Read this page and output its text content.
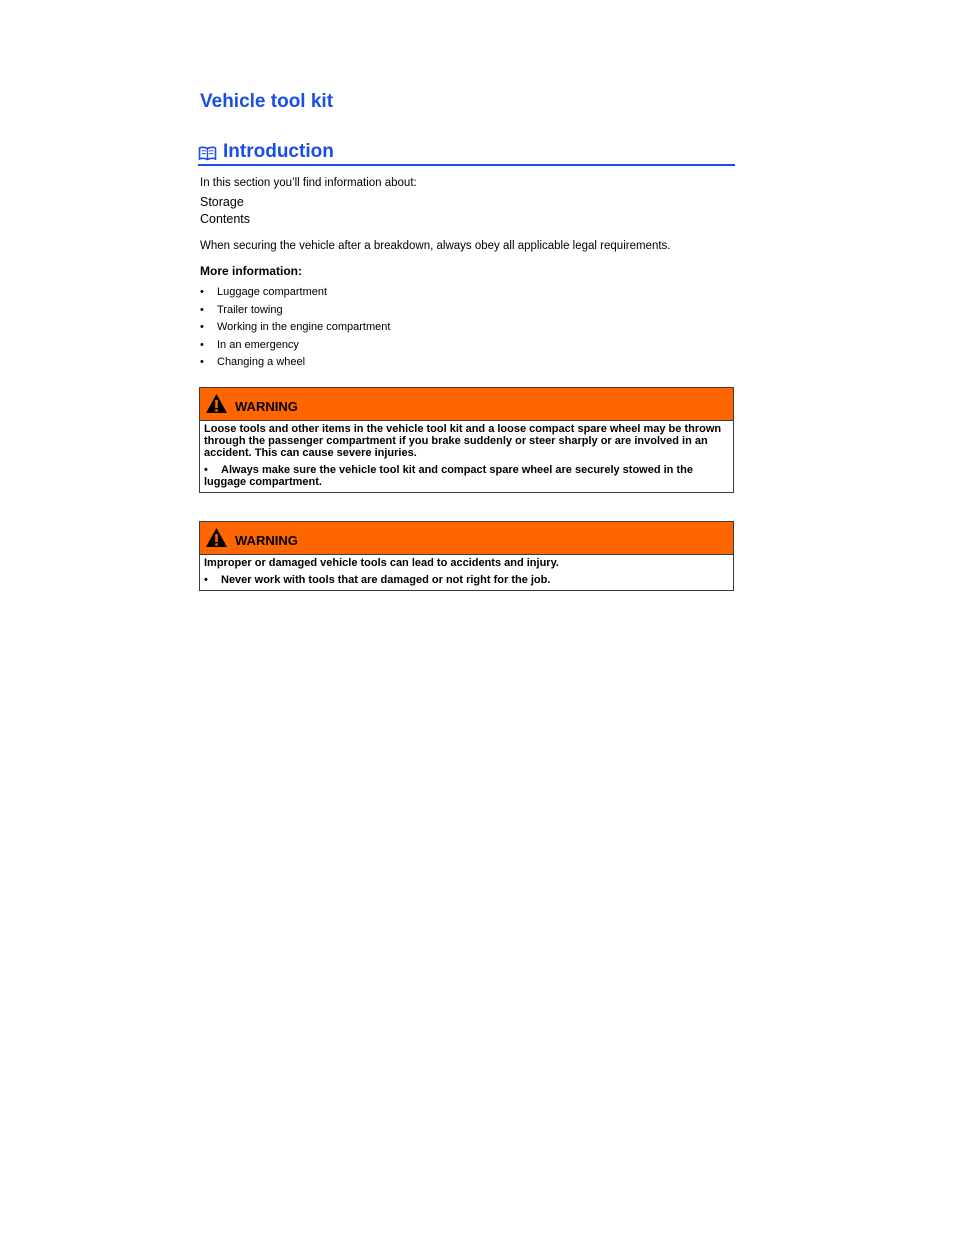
Vehicle tool kit
Introduction
In this section you’ll find information about:
Storage
Contents
When securing the vehicle after a breakdown, always obey all applicable legal requirements.
More information:
•	Luggage compartment
•	Trailer towing
•	Working in the engine compartment
•	In an emergency
•	Changing a wheel
WARNING

Loose tools and other items in the vehicle tool kit and a loose compact spare wheel may be thrown through the passenger compartment if you brake suddenly or steer sharply or are involved in an accident. This can cause severe injuries.

• Always make sure the vehicle tool kit and compact spare wheel are securely stowed in the luggage compartment.

WARNING

Improper or damaged vehicle tools can lead to accidents and injury.

• Never work with tools that are damaged or not right for the job.
